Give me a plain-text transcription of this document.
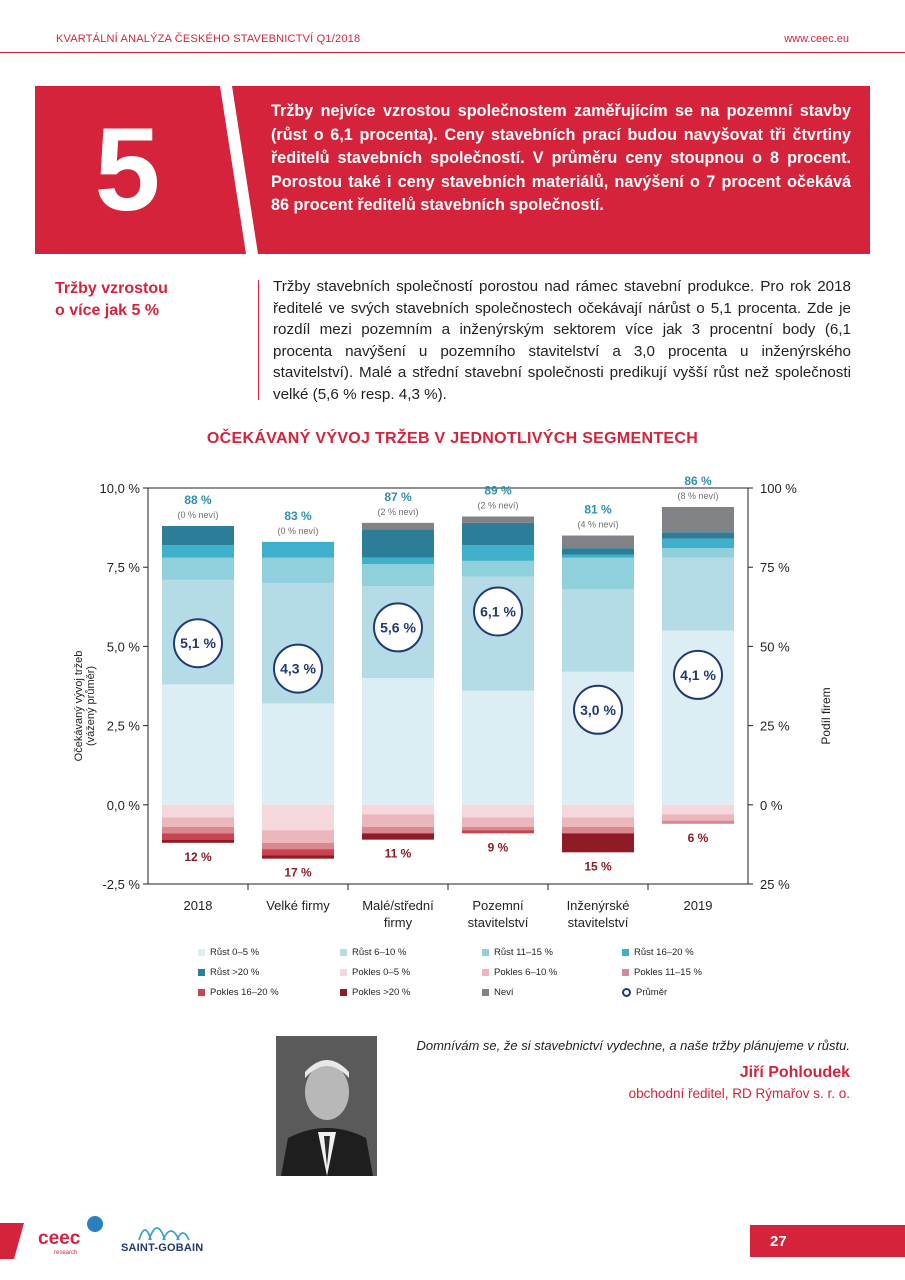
KVARTÁLNÍ ANALÝZA ČESKÉHO STAVEBNICTVÍ Q1/2018	www.ceec.eu
5	Tržby nejvíce vzrostou společnostem zaměřujícím se na pozemní stavby (růst o 6,1 procenta). Ceny stavebních prací budou navyšovat tři čtvrtiny ředitelů stavebních společností. V průměru ceny stoupnou o 8 procent. Porostou také i ceny stavebních materiálů, navýšení o 7 procent očekává 86 procent ředitelů stavebních společností.
Tržby vzrostou
o více jak 5 %
Tržby stavebních společností porostou nad rámec stavební produkce. Pro rok 2018 ředitelé ve svých stavebních společnostech očekávají nárůst o 5,1 procenta. Zde je rozdíl mezi pozemním a inženýrským sektorem více jak 3 procentní body (6,1 procenta navýšení u pozemního stavitelství a 3,0 procenta u inženýrského stavitelství). Malé a střední stavební společnosti predikují vyšší růst než společnosti velké (5,6 % resp. 4,3 %).
OČEKÁVANÝ VÝVOJ TRŽEB V JEDNOTLIVÝCH SEGMENTECH
10,0 %	100 %
7,5 %	75 %
5,0 %	50 %
2,5 %	25 %
0,0 %	0 %
-2,5 %	25 %
Očekávaný vývoj tržeb(vážený průměr)	Podíl firem
88 %
(0 % neví)
12 %
5,1 %
2018
83 %
(0 % neví)
17 %
4,3 %
Velké firmy
87 %
(2 % neví)
11 %
5,6 %
Malé/střední
firmy
89 %
(2 % neví)
9 %
6,1 %
Pozemní
stavitelství
81 %
(4 % neví)
15 %
3,0 %
Inženýrské
stavitelství
86 %
(8 % neví)
6 %
4,1 %
2019
Růst 0–5 %	Růst 6–10 %	Růst 11–15 %	Růst 16–20 %
Růst >20 %	Pokles 0–5 %	Pokles 6–10 %	Pokles 11–15 %
Pokles 16–20 %	Pokles >20 %	Neví	Průměr
Domnívám se, že si stavebnictví vydechne, a naše tržby plánujeme v růstu.
Jiří Pohloudek
obchodní ředitel, RD Rýmařov s. r. o.
ceec
research	SAINT-GOBAIN	27
